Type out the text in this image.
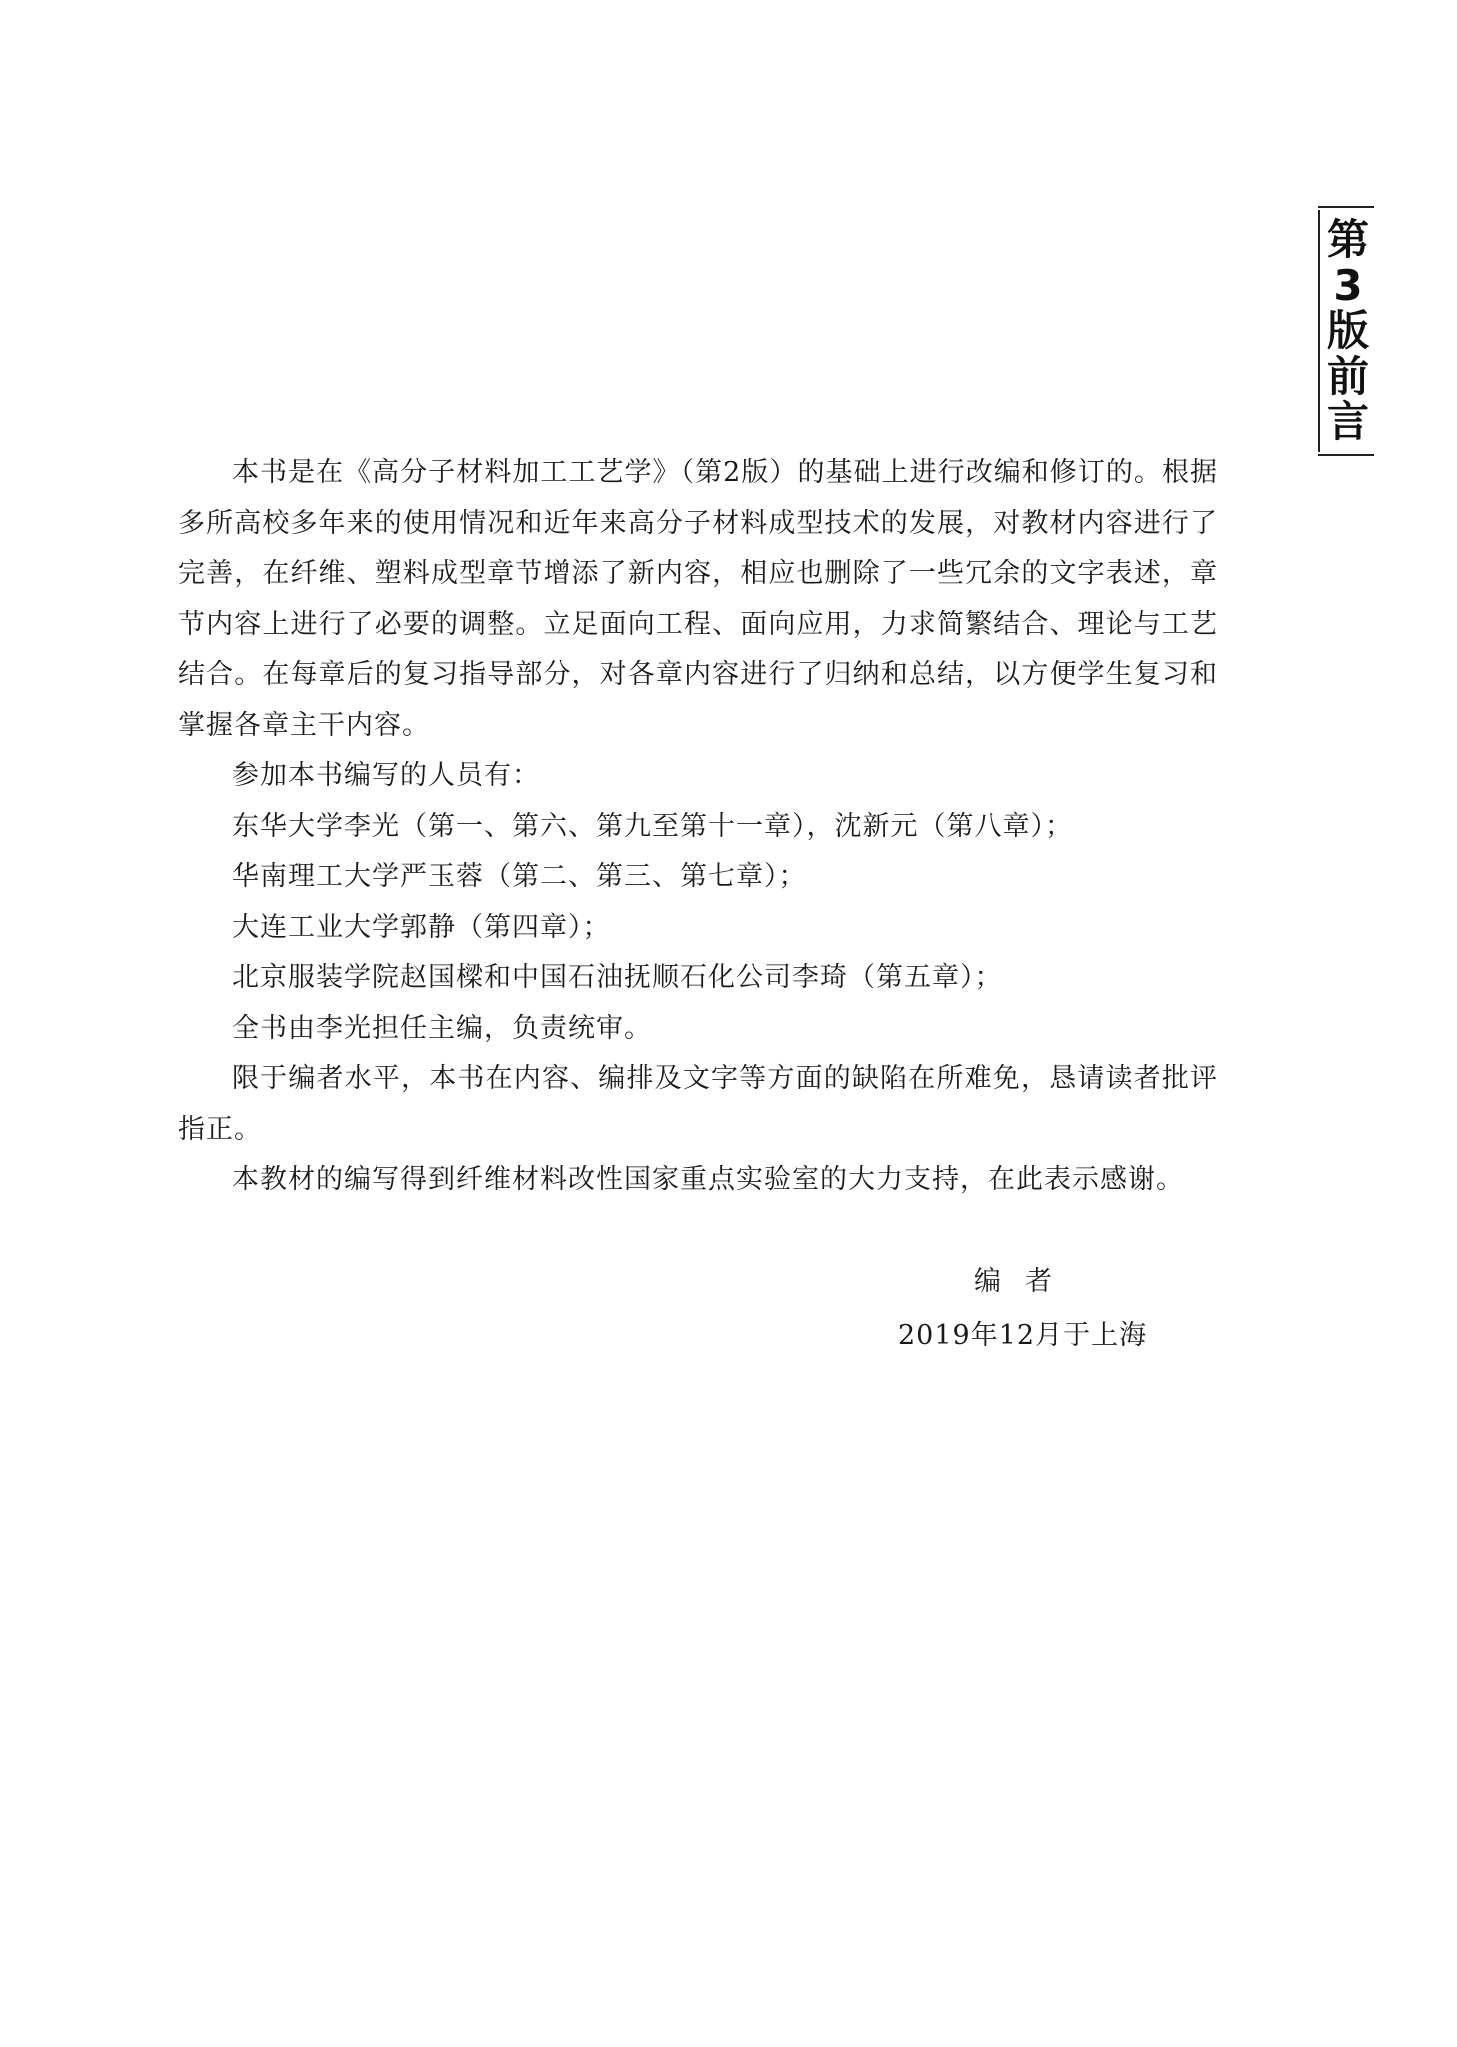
第
3
版
前
言

本书是在《高分子材料加工工艺学》（第2版）的基础上进行改编和修订的。根据多所高校多年来的使用情况和近年来高分子材料成型技术的发展，对教材内容进行了完善，在纤维、塑料成型章节增添了新内容，相应也删除了一些冗余的文字表述，章节内容上进行了必要的调整。立足面向工程、面向应用，力求简繁结合、理论与工艺结合。在每章后的复习指导部分，对各章内容进行了归纳和总结，以方便学生复习和掌握各章主干内容。

参加本书编写的人员有：

东华大学李光（第一、第六、第九至第十一章），沈新元（第八章）；

华南理工大学严玉蓉（第二、第三、第七章）；

大连工业大学郭静（第四章）；

北京服装学院赵国樑和中国石油抚顺石化公司李琦（第五章）；

全书由李光担任主编，负责统审。

限于编者水平，本书在内容、编排及文字等方面的缺陷在所难免，恳请读者批评指正。

本教材的编写得到纤维材料改性国家重点实验室的大力支持，在此表示感谢。

编者
2019年12月于上海
